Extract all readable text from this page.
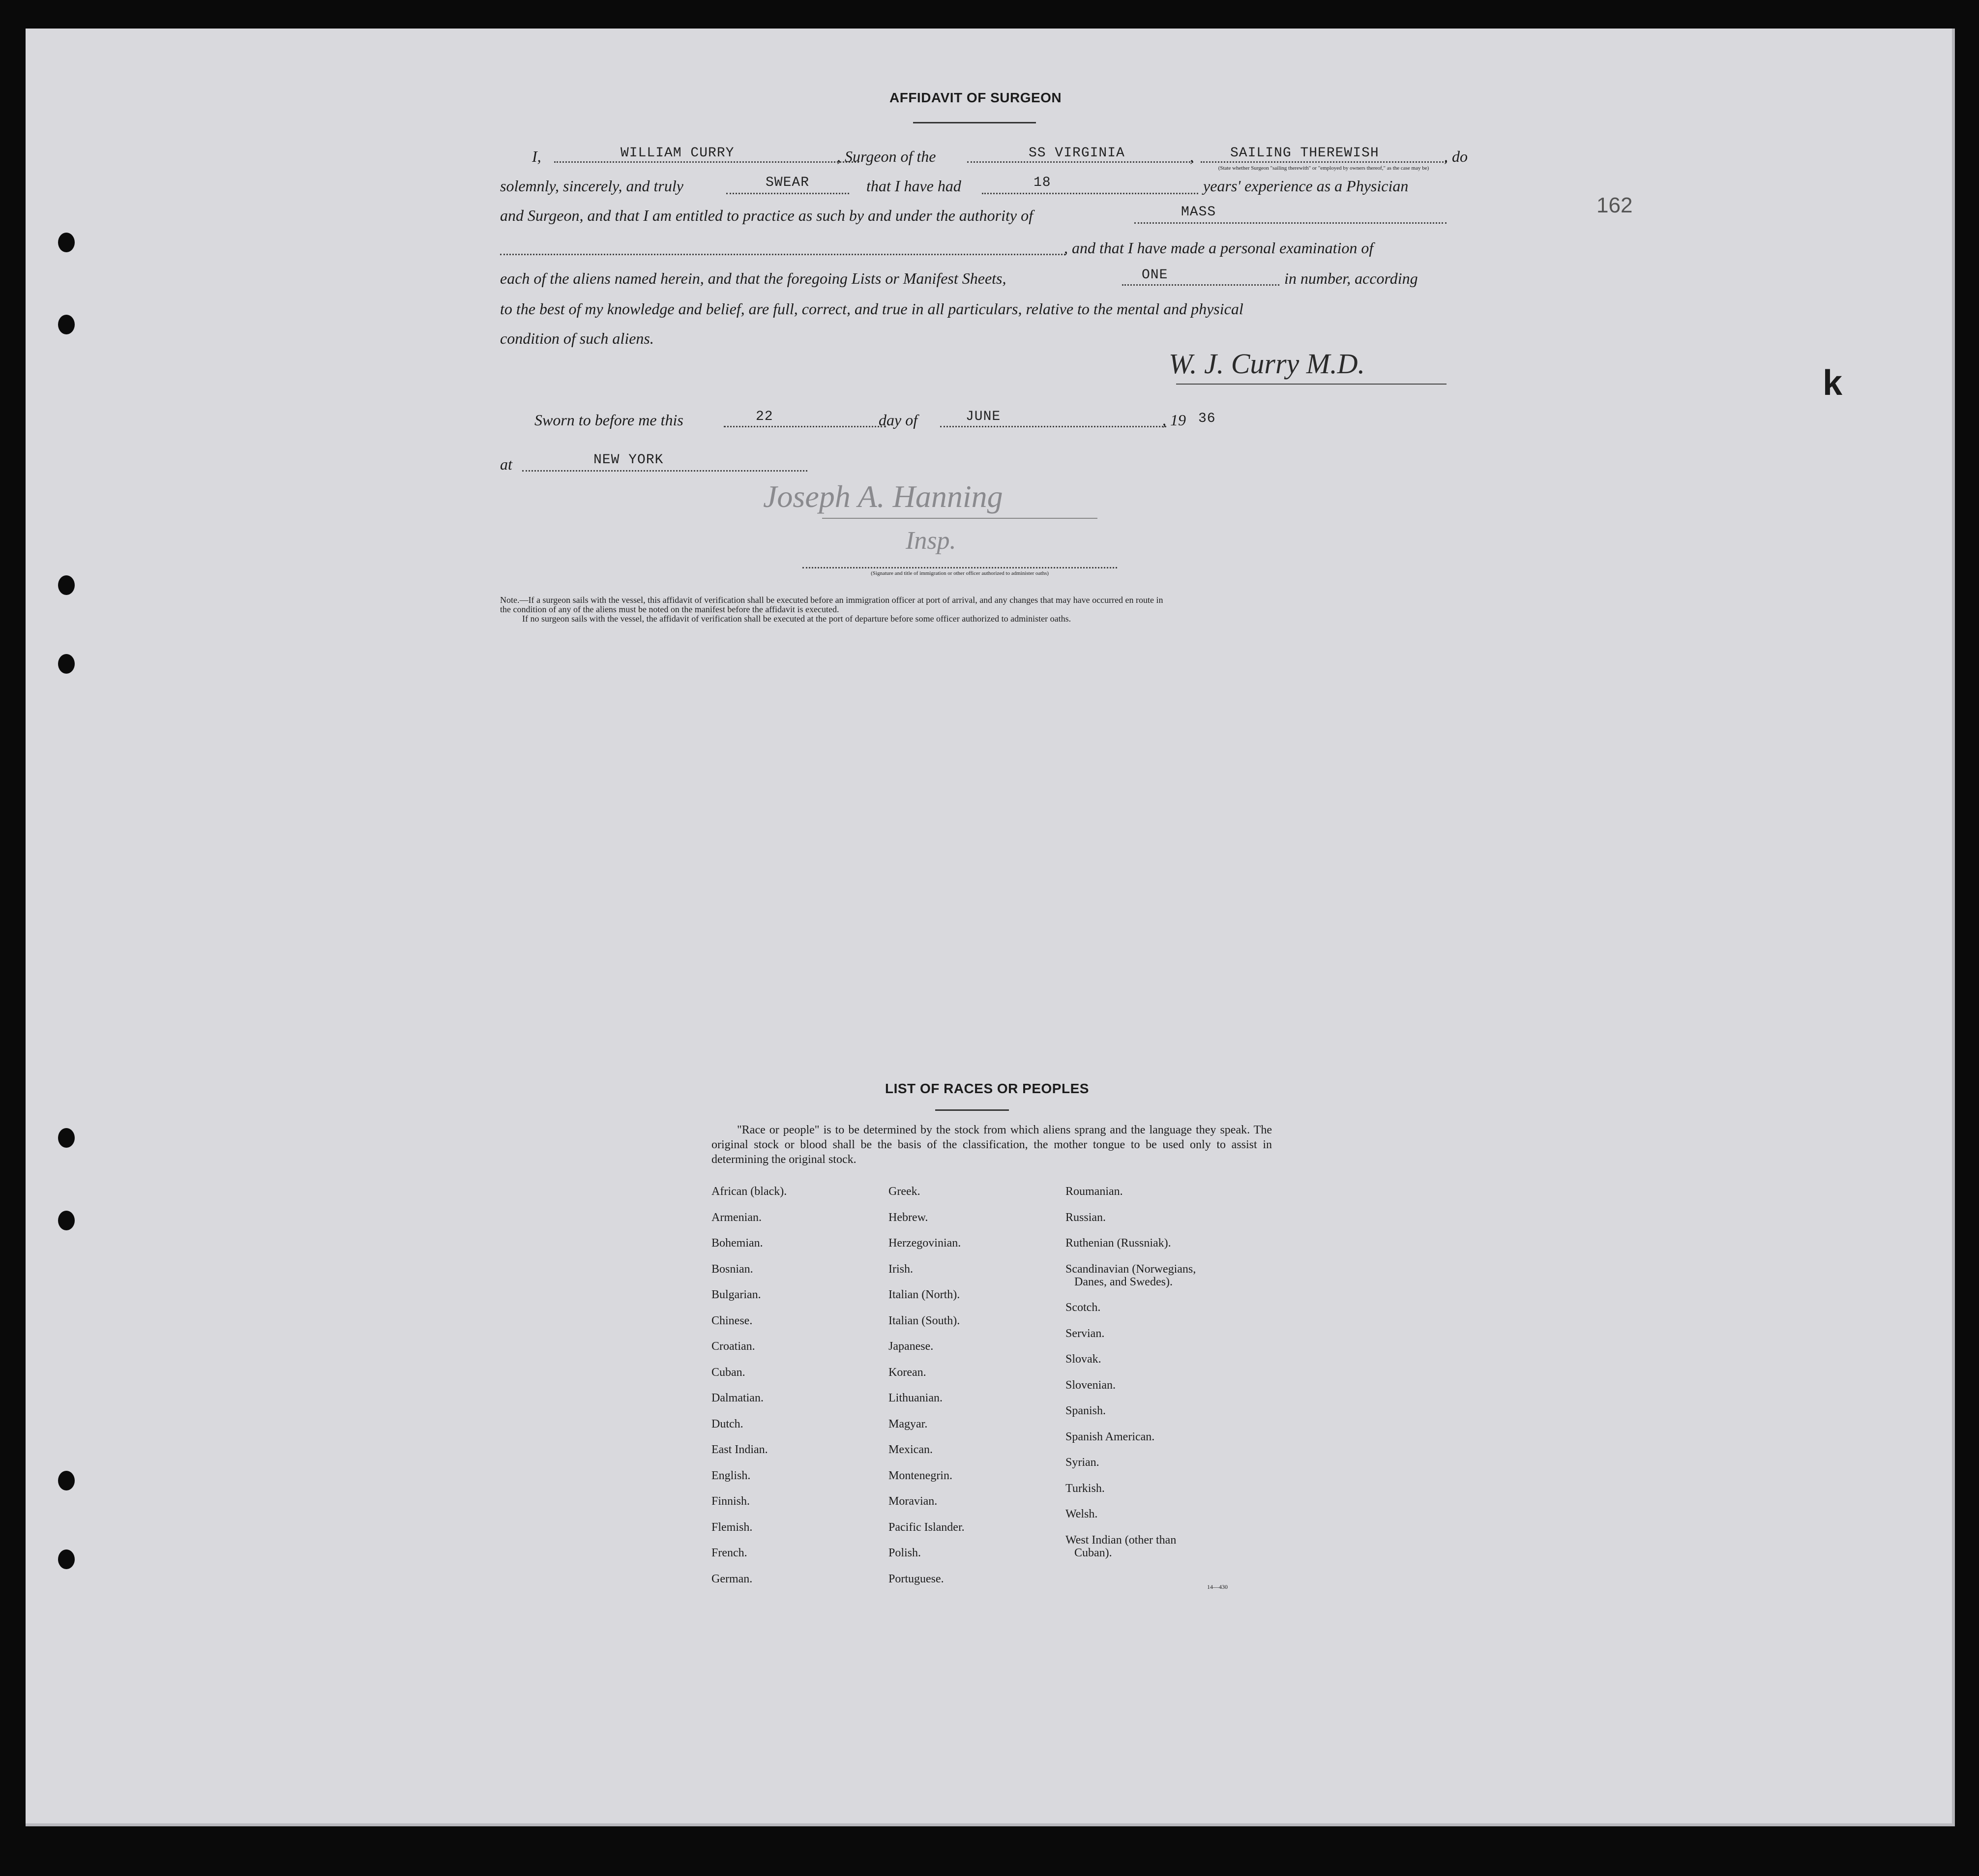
162
k
AFFIDAVIT OF SURGEON
I,	WILLIAM CURRY	, Surgeon of the	SS VIRGINIA	,	SAILING THEREWISH
(State whether Surgeon "sailing therewith" or "employed by owners thereof," as the case may be)
, do
solemnly, sincerely, and truly	SWEAR	that I have had	18	years' experience as a Physician
and Surgeon, and that I am entitled to practice as such by and under the authority of	MASS
, and that I have made a personal examination of
each of the aliens named herein, and that the foregoing Lists or Manifest Sheets,	ONE	in number, according
to the best of my knowledge and belief, are full, correct, and true in all particulars, relative to the mental and physical
condition of such aliens.
W. J. Curry M.D.
Sworn to before me this	22	day of	JUNE	, 19 36
at	NEW YORK
Joseph A. Hanning
Insp.
(Signature and title of immigration or other officer authorized to administer oaths)
Note.—If a surgeon sails with the vessel, this affidavit of verification shall be executed before an immigration officer at port of arrival, and any changes that may have occurred en route in
the condition of any of the aliens must be noted on the manifest before the affidavit is executed.
If no surgeon sails with the vessel, the affidavit of verification shall be executed at the port of departure before some officer authorized to administer oaths.
LIST OF RACES OR PEOPLES
"Race or people" is to be determined by the stock from which aliens sprang and the language they speak. The original stock or blood shall be the basis of the classification, the mother tongue to be used only to assist in determining the original stock.
African (black).
Armenian.
Bohemian.
Bosnian.
Bulgarian.
Chinese.
Croatian.
Cuban.
Dalmatian.
Dutch.
East Indian.
English.
Finnish.
Flemish.
French.
German.
Greek.
Hebrew.
Herzegovinian.
Irish.
Italian (North).
Italian (South).
Japanese.
Korean.
Lithuanian.
Magyar.
Mexican.
Montenegrin.
Moravian.
Pacific Islander.
Polish.
Portuguese.
Roumanian.
Russian.
Ruthenian (Russniak).
Scandinavian (Norwegians,
Danes, and Swedes).
Scotch.
Servian.
Slovak.
Slovenian.
Spanish.
Spanish American.
Syrian.
Turkish.
Welsh.
West Indian (other than
Cuban).
14—430
